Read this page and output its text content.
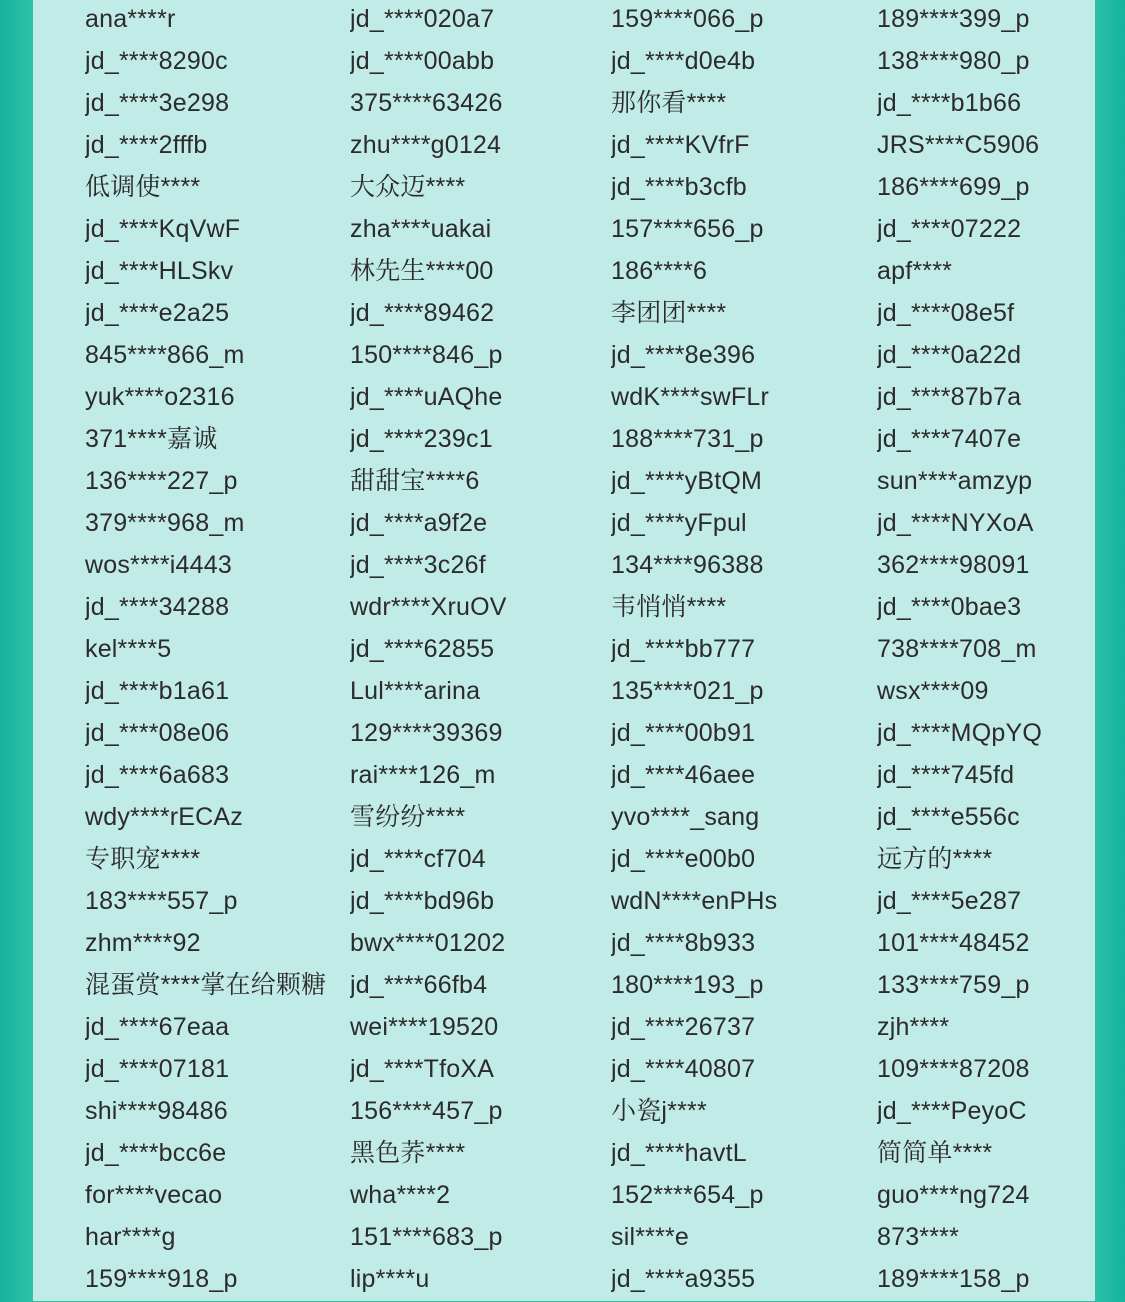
ana****r	jd_****020a7	159****066_p	189****399_p
jd_****8290c	jd_****00abb	jd_****d0e4b	138****980_p
jd_****3e298	375****63426	那你看****	jd_****b1b66
jd_****2fffb	zhu****g0124	jd_****KVfrF	JRS****C5906
低调使****	大众迈****	jd_****b3cfb	186****699_p
jd_****KqVwF	zha****uakai	157****656_p	jd_****07222
jd_****HLSkv	林先生****00	186****6	apf****
jd_****e2a25	jd_****89462	李团团****	jd_****08e5f
845****866_m	150****846_p	jd_****8e396	jd_****0a22d
yuk****o2316	jd_****uAQhe	wdK****swFLr	jd_****87b7a
371****嘉诚	jd_****239c1	188****731_p	jd_****7407e
136****227_p	甜甜宝****6	jd_****yBtQM	sun****amzyp
379****968_m	jd_****a9f2e	jd_****yFpul	jd_****NYXoA
wos****i4443	jd_****3c26f	134****96388	362****98091
jd_****34288	wdr****XruOV	韦悄悄****	jd_****0bae3
kel****5	jd_****62855	jd_****bb777	738****708_m
jd_****b1a61	Lul****arina	135****021_p	wsx****09
jd_****08e06	129****39369	jd_****00b91	jd_****MQpYQ
jd_****6a683	rai****126_m	jd_****46aee	jd_****745fd
wdy****rECAz	雪纷纷****	yvo****_sang	jd_****e556c
专职宠****	jd_****cf704	jd_****e00b0	远方的****
183****557_p	jd_****bd96b	wdN****enPHs	jd_****5e287
zhm****92	bwx****01202	jd_****8b933	101****48452
混蛋赏****掌在给颗糖 jd_****66fb4	180****193_p	133****759_p
jd_****67eaa	wei****19520	jd_****26737	zjh****
jd_****07181	jd_****TfoXA	jd_****40807	109****87208
shi****98486	156****457_p	小瓷j****	jd_****PeyoC
jd_****bcc6e	黑色荞****	jd_****havtL	简简单****
for****vecao	wha****2	152****654_p	guo****ng724
har****g	151****683_p	sil****e	873****
159****918_p	lip****u	jd_****a9355	189****158_p
